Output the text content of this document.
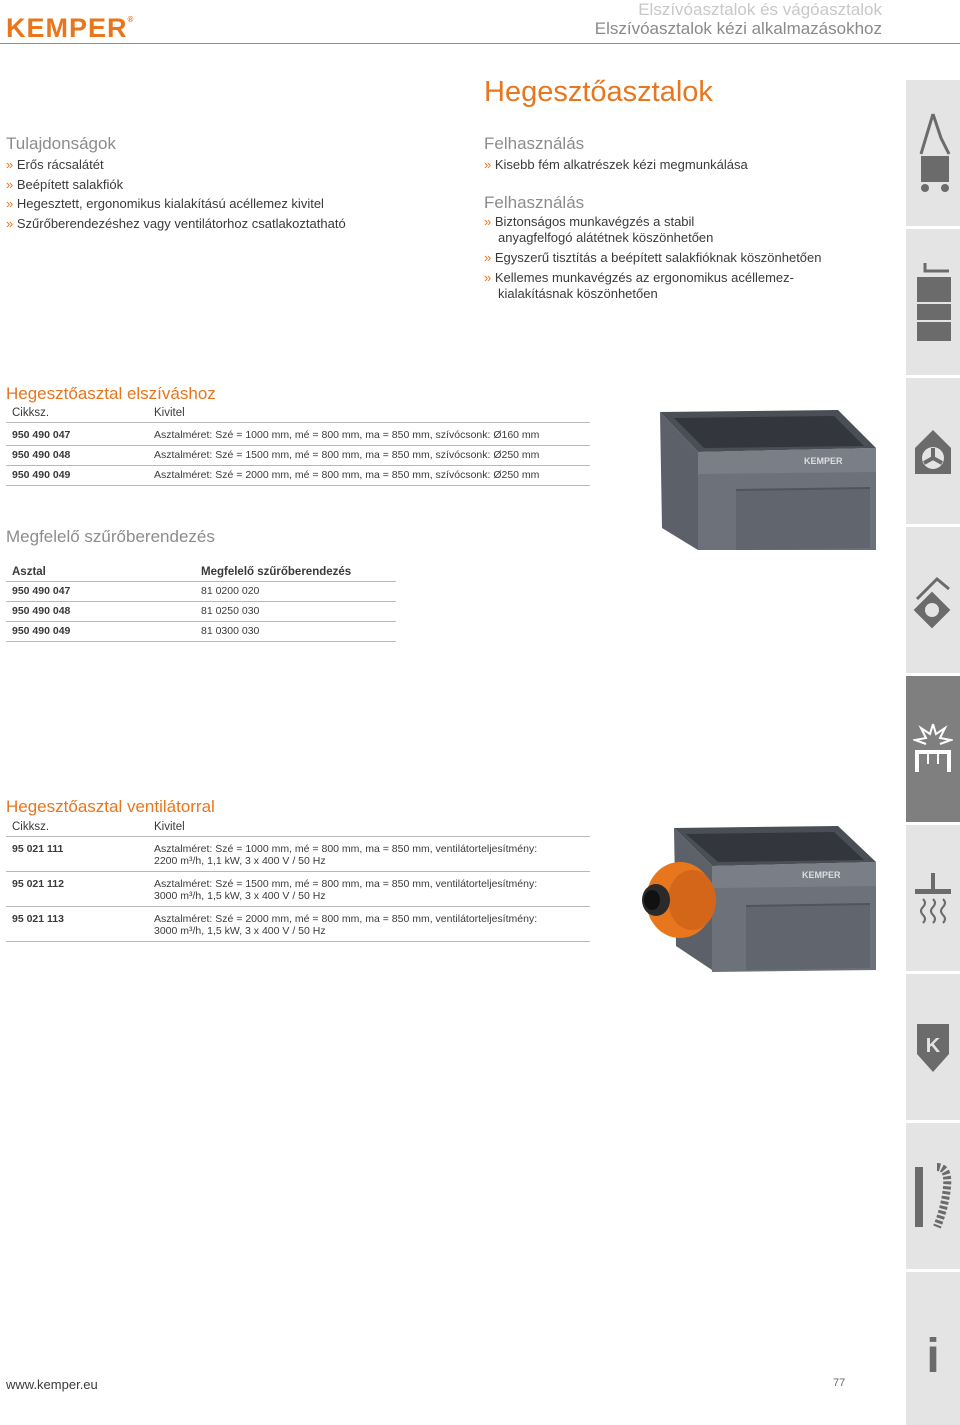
KEMPER®
Elszívóasztalok és vágóasztalok
Elszívóasztalok kézi alkalmazásokhoz
Hegesztőasztalok
Tulajdonságok
» Erős rácsalátét
» Beépített salakfiók
» Hegesztett, ergonomikus kialakítású acéllemez kivitel
» Szűrőberendezéshez vagy ventilátorhoz csatlakoztatható
Felhasználás
» Kisebb fém alkatrészek kézi megmunkálása
Felhasználás
» Biztonságos munkavégzés a stabil
anyagfelfogó alátétnek köszönhetően
» Egyszerű tisztítás a beépített salakfióknak köszönhetően
» Kellemes munkavégzés az ergonomikus acéllemez-
kialakításnak köszönhetően
Hegesztőasztal elszíváshoz
Cikksz.	Kivitel
950 490 047	Asztalméret: Szé = 1000 mm, mé = 800 mm, ma = 850 mm, szívócsonk: Ø160 mm
950 490 048	Asztalméret: Szé = 1500 mm, mé = 800 mm, ma = 850 mm, szívócsonk: Ø250 mm
950 490 049	Asztalméret: Szé = 2000 mm, mé = 800 mm, ma = 850 mm, szívócsonk: Ø250 mm
KEMPER
Megfelelő szűrőberendezés
Asztal	Megfelelő szűrőberendezés
950 490 047	81 0200 020
950 490 048	81 0250 030
950 490 049	81 0300 030
Hegesztőasztal ventilátorral
Cikksz.	Kivitel
95 021 111	Asztalméret: Szé = 1000 mm, mé = 800 mm, ma = 850 mm, ventilátorteljesítmény:
2200 m³/h, 1,1 kW, 3 x 400 V / 50 Hz
95 021 112	Asztalméret: Szé = 1500 mm, mé = 800 mm, ma = 850 mm, ventilátorteljesítmény:
3000 m³/h, 1,5 kW, 3 x 400 V / 50 Hz
95 021 113	Asztalméret: Szé = 2000 mm, mé = 800 mm, ma = 850 mm, ventilátorteljesítmény:
3000 m³/h, 1,5 kW, 3 x 400 V / 50 Hz
KEMPER
K
i
www.kemper.eu	77
